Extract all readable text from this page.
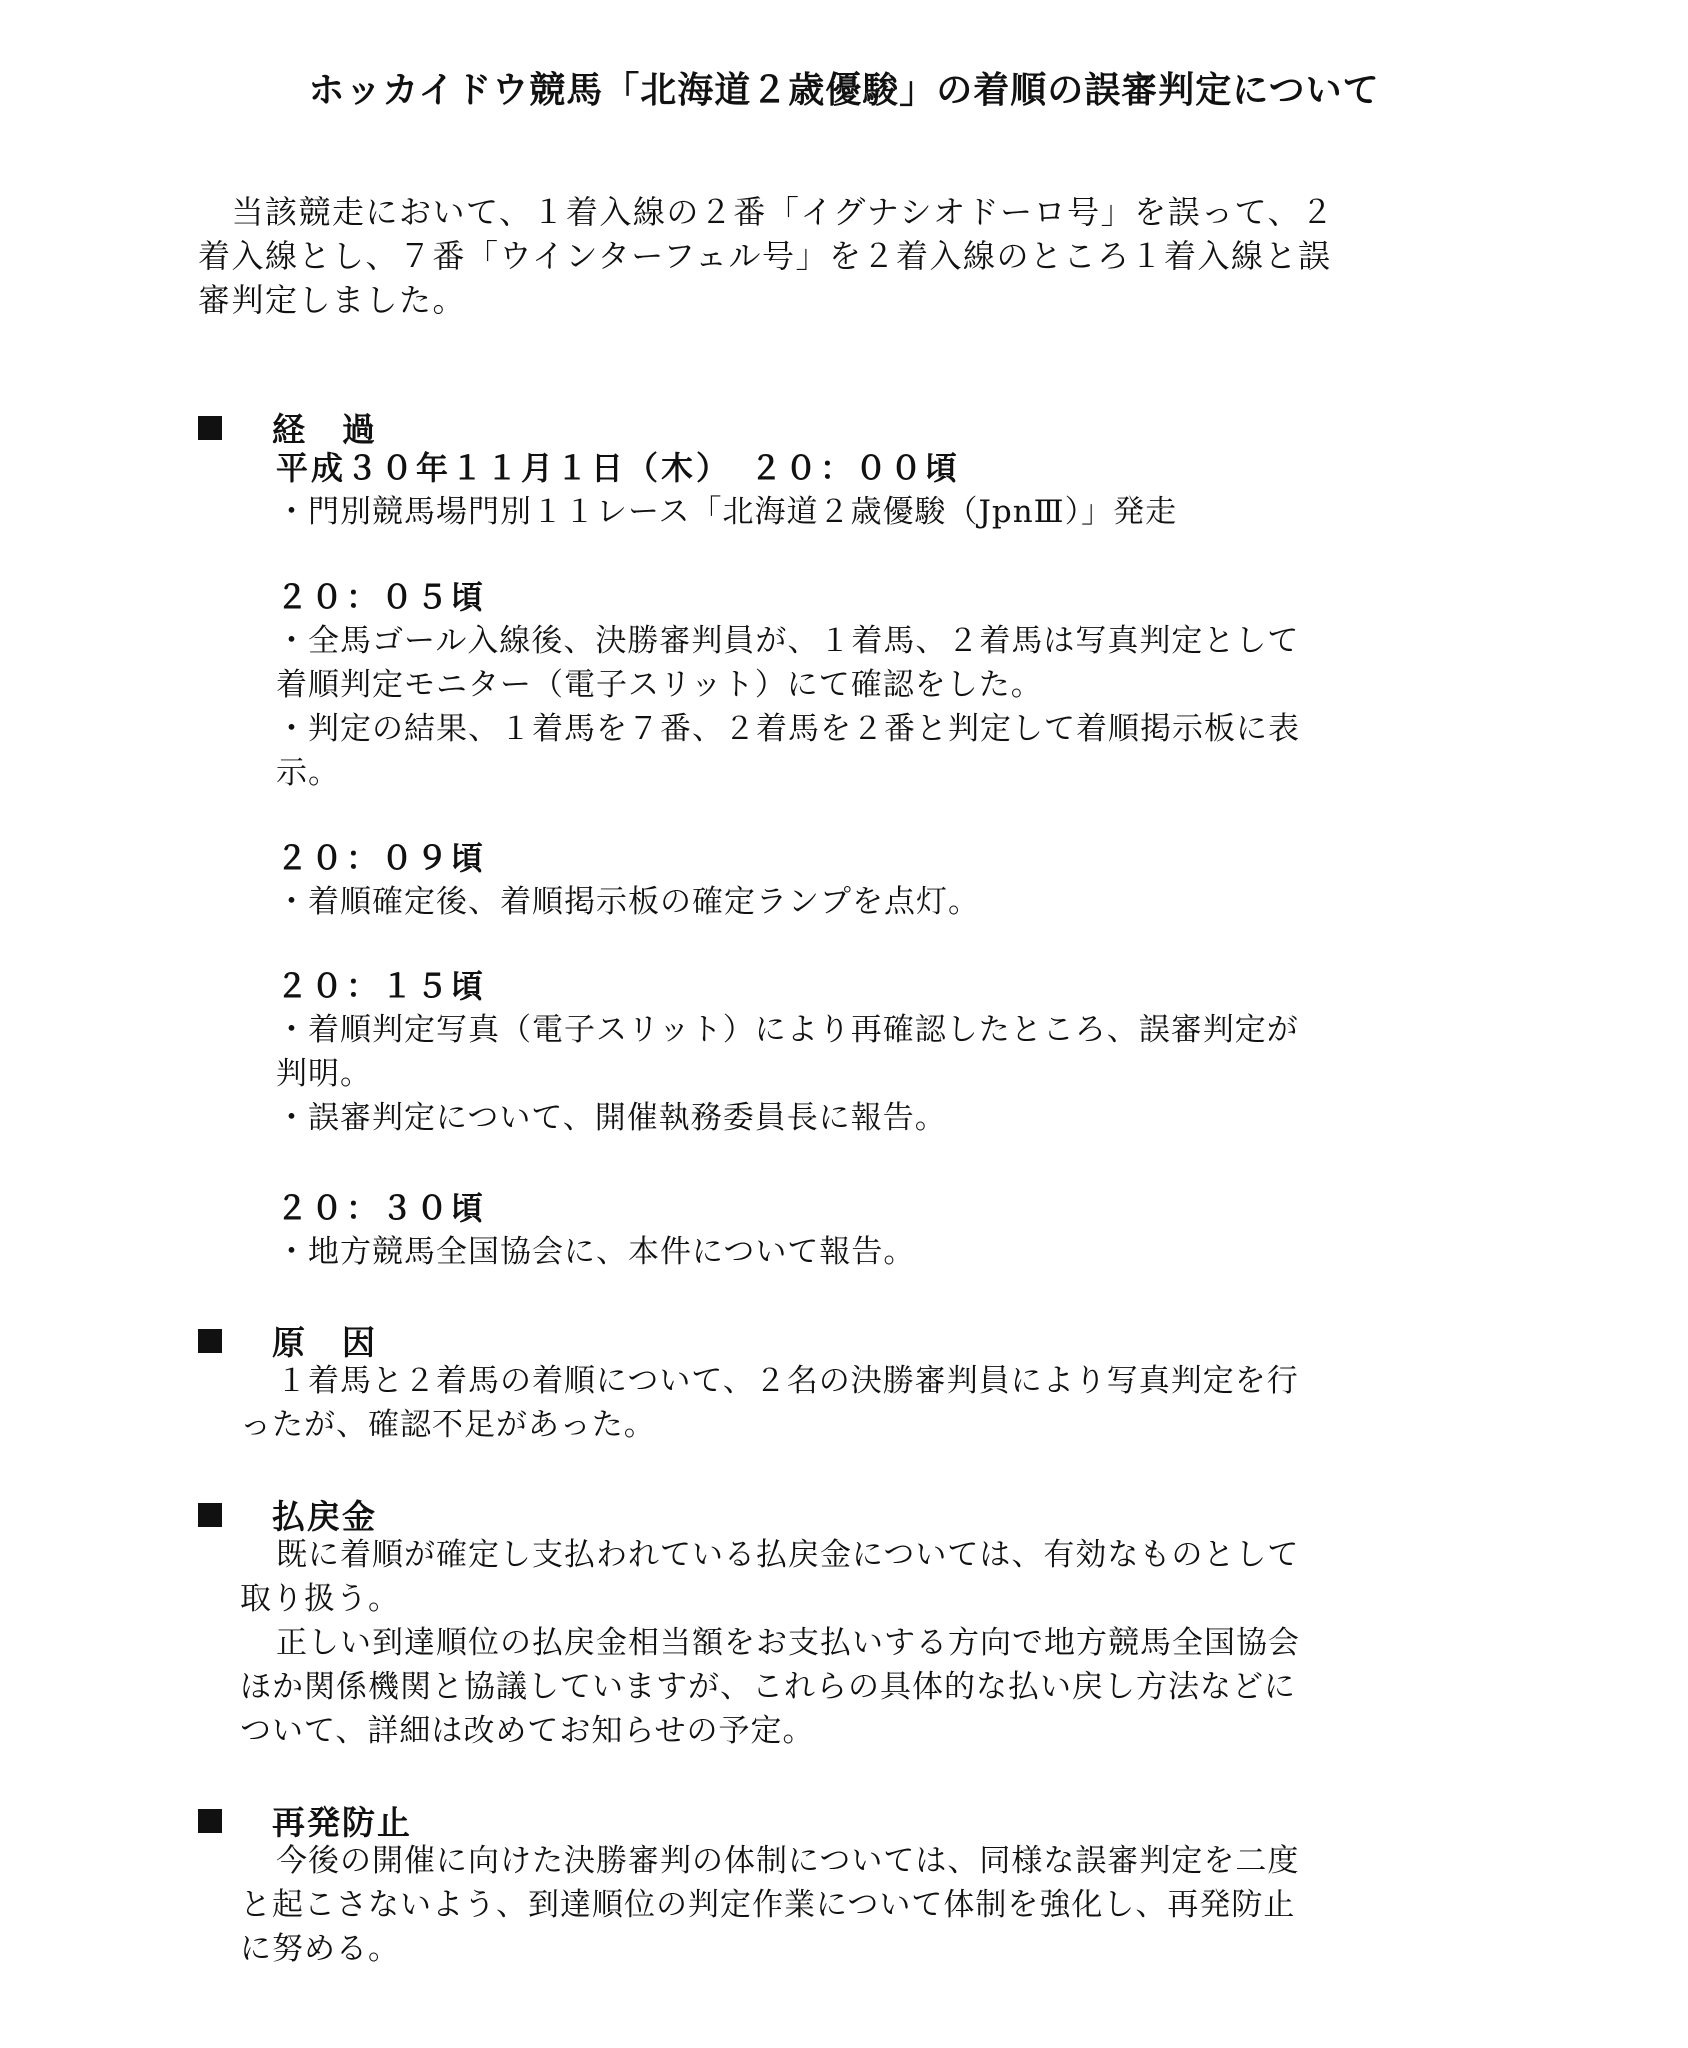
ホッカイドウ競馬「北海道２歳優駿」の着順の誤審判定について
　当該競走において、１着入線の２番「イグナシオドーロ号」を誤って、２
着入線とし、７番「ウインターフェル号」を２着入線のところ１着入線と誤
審判定しました。
経　過
平成３０年１１月１日（木）　２０：００頃
・門別競馬場門別１１レース「北海道２歳優駿（JpnⅢ）」発走
２０：０５頃
・全馬ゴール入線後、決勝審判員が、１着馬、２着馬は写真判定として
着順判定モニター（電子スリット）にて確認をした。
・判定の結果、１着馬を７番、２着馬を２番と判定して着順掲示板に表
示。
２０：０９頃
・着順確定後、着順掲示板の確定ランプを点灯。
２０：１５頃
・着順判定写真（電子スリット）により再確認したところ、誤審判定が
判明。
・誤審判定について、開催執務委員長に報告。
２０：３０頃
・地方競馬全国協会に、本件について報告。
原　因
１着馬と２着馬の着順について、２名の決勝審判員により写真判定を行
ったが、確認不足があった。
払戻金
既に着順が確定し支払われている払戻金については、有効なものとして
取り扱う。
正しい到達順位の払戻金相当額をお支払いする方向で地方競馬全国協会
ほか関係機関と協議していますが、これらの具体的な払い戻し方法などに
ついて、詳細は改めてお知らせの予定。
再発防止
今後の開催に向けた決勝審判の体制については、同様な誤審判定を二度
と起こさないよう、到達順位の判定作業について体制を強化し、再発防止
に努める。
